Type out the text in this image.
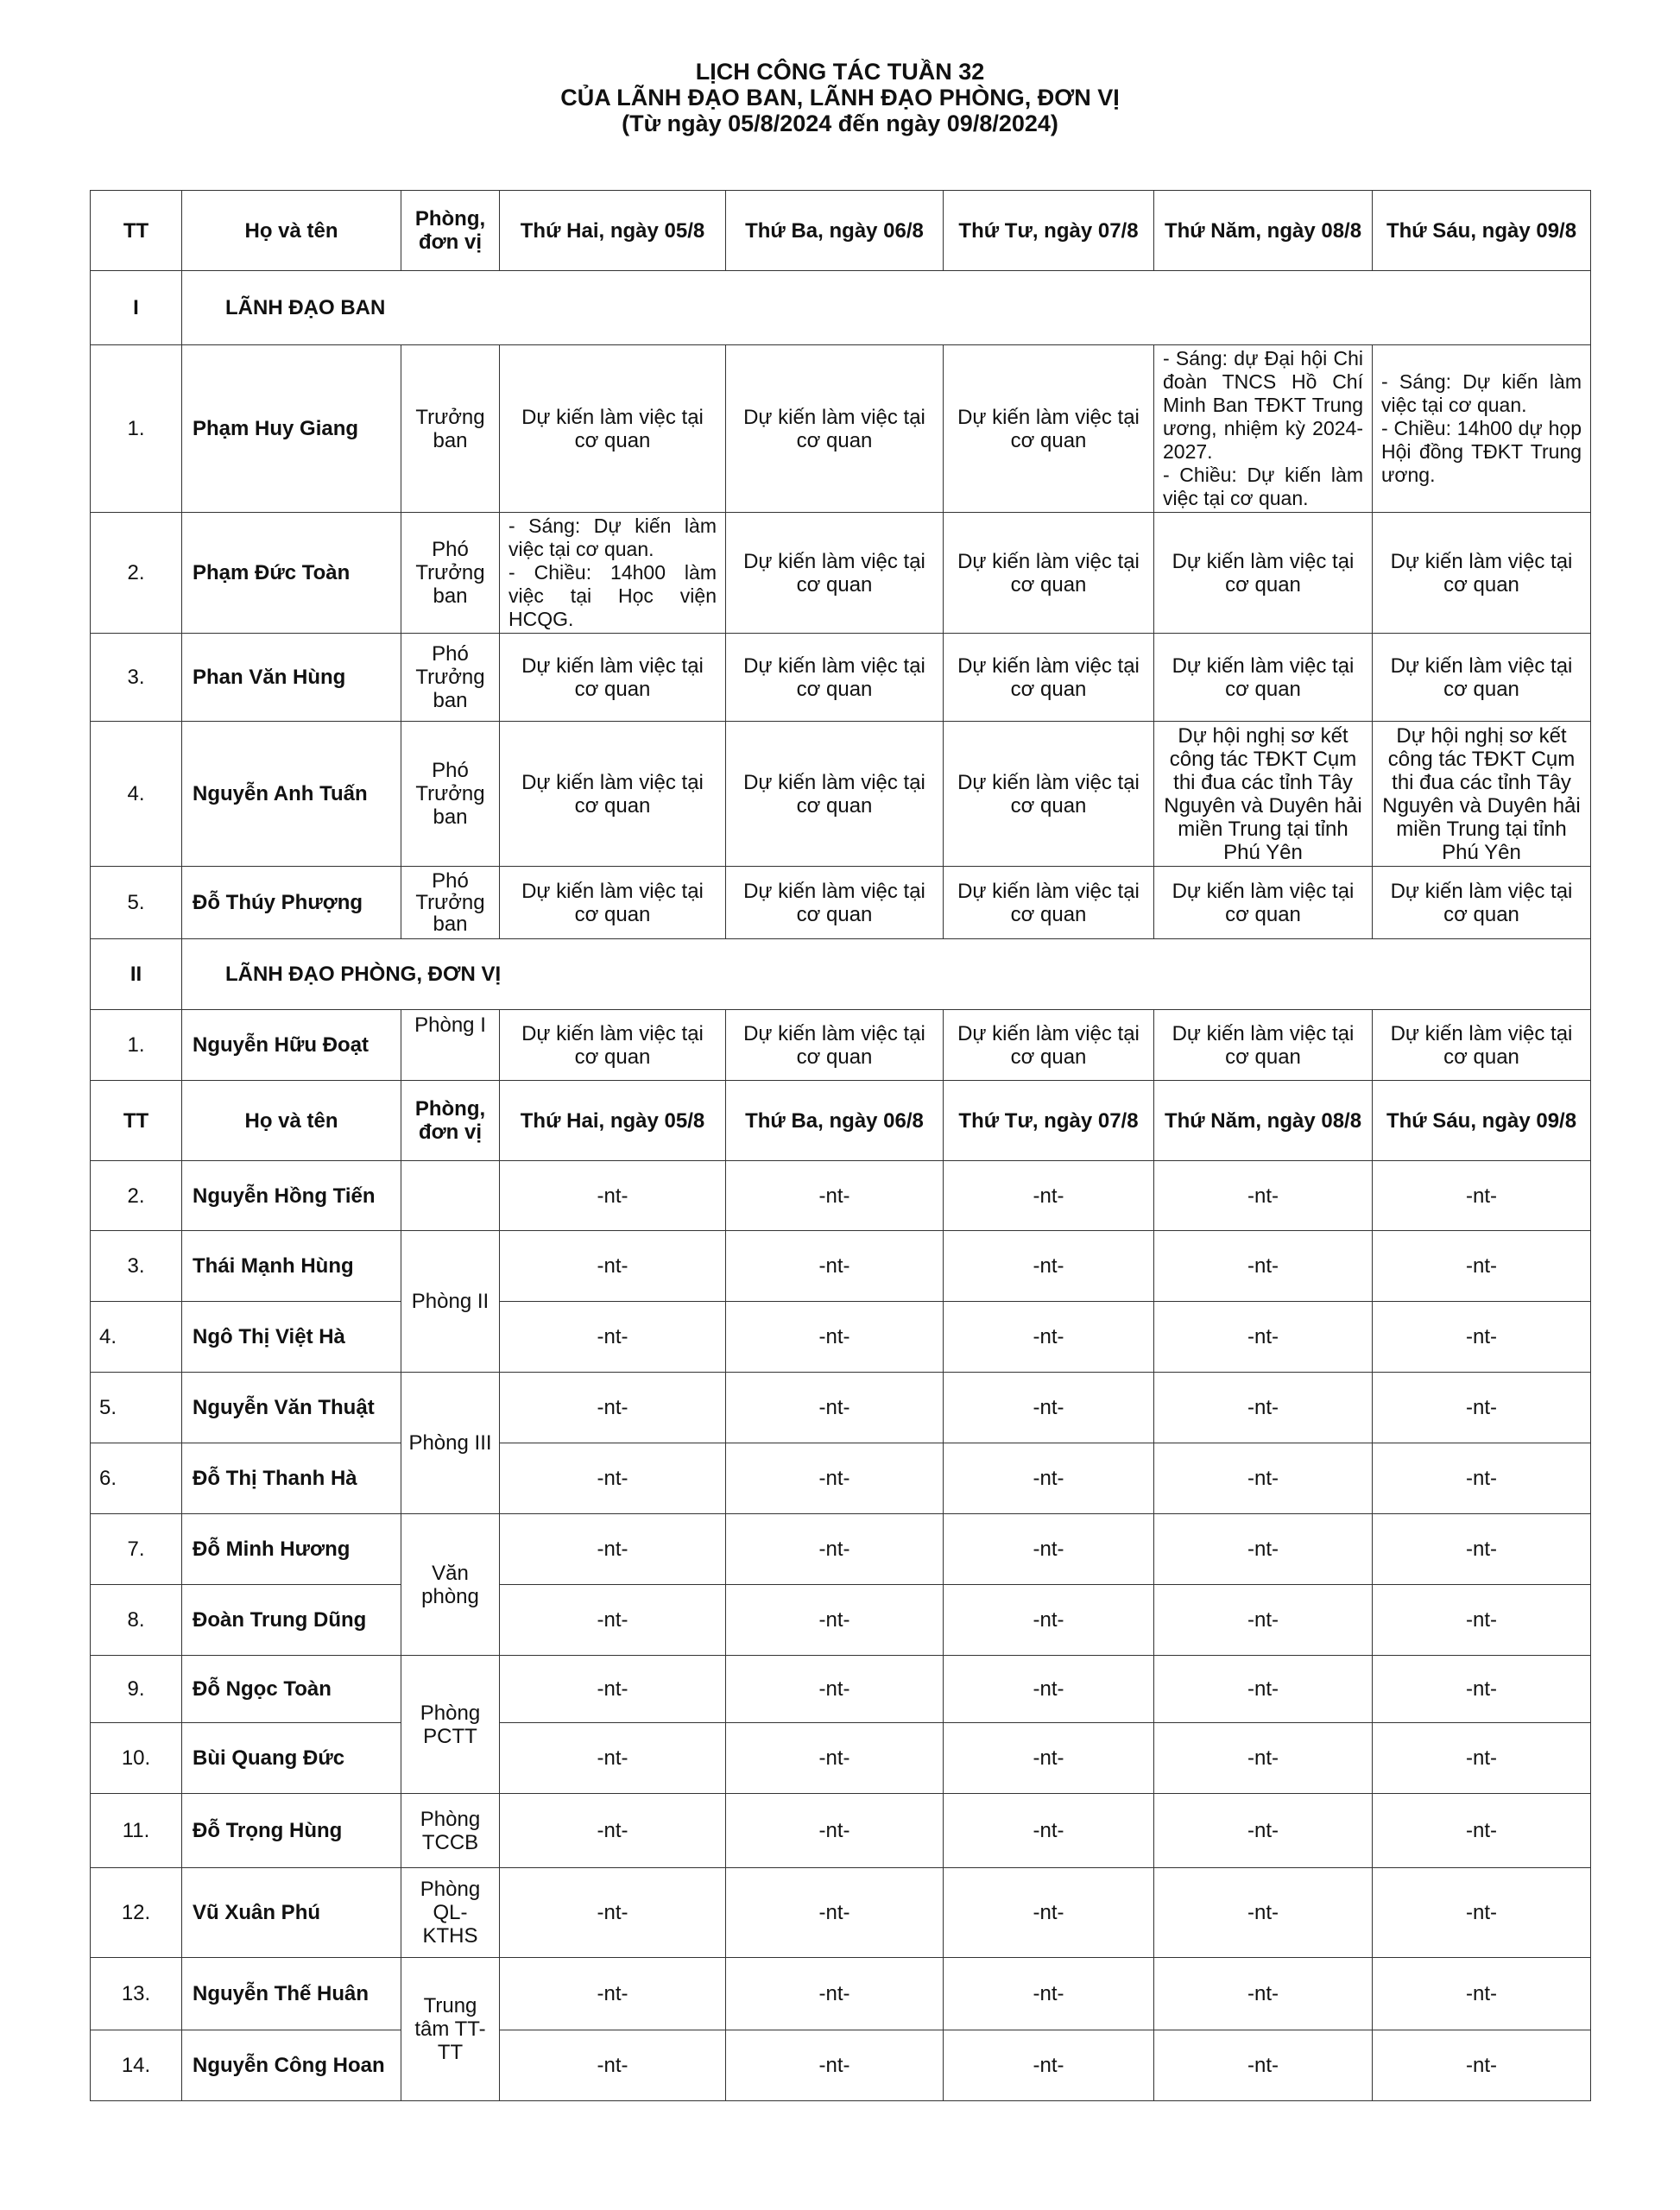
LỊCH CÔNG TÁC TUẦN 32
CỦA LÃNH ĐẠO BAN, LÃNH ĐẠO PHÒNG, ĐƠN VỊ
(Từ ngày 05/8/2024 đến ngày 09/8/2024)
TT	Họ và tên	Phòng, đơn vị	Thứ Hai, ngày 05/8	Thứ Ba, ngày 06/8	Thứ Tư, ngày 07/8	Thứ Năm, ngày 08/8	Thứ Sáu, ngày 09/8
I	LÃNH ĐẠO BAN						
1.	Phạm Huy Giang	Trưởng ban	Dự kiến làm việc tại cơ quan	Dự kiến làm việc tại cơ quan	Dự kiến làm việc tại cơ quan	- Sáng: dự Đại hội Chi đoàn TNCS Hồ Chí Minh Ban TĐKT Trung ương, nhiệm kỳ 2024-2027.
- Chiều: Dự kiến làm việc tại cơ quan.	- Sáng: Dự kiến làm việc tại cơ quan.
- Chiều: 14h00 dự họp Hội đồng TĐKT Trung ương.
2.	Phạm Đức Toàn	Phó Trưởng ban	- Sáng: Dự kiến làm việc tại cơ quan.
- Chiều: 14h00 làm việc tại Học viện HCQG.	Dự kiến làm việc tại cơ quan	Dự kiến làm việc tại cơ quan	Dự kiến làm việc tại cơ quan	Dự kiến làm việc tại cơ quan
3.	Phan Văn Hùng	Phó Trưởng ban	Dự kiến làm việc tại cơ quan	Dự kiến làm việc tại cơ quan	Dự kiến làm việc tại cơ quan	Dự kiến làm việc tại cơ quan	Dự kiến làm việc tại cơ quan
4.	Nguyễn Anh Tuấn	Phó Trưởng ban	Dự kiến làm việc tại cơ quan	Dự kiến làm việc tại cơ quan	Dự kiến làm việc tại cơ quan	Dự hội nghị sơ kết công tác TĐKT Cụm thi đua các tỉnh Tây Nguyên và Duyên hải miền Trung tại tỉnh Phú Yên	Dự hội nghị sơ kết công tác TĐKT Cụm thi đua các tỉnh Tây Nguyên và Duyên hải miền Trung tại tỉnh Phú Yên
5.	Đỗ Thúy Phượng	Phó Trưởng ban	Dự kiến làm việc tại cơ quan	Dự kiến làm việc tại cơ quan	Dự kiến làm việc tại cơ quan	Dự kiến làm việc tại cơ quan	Dự kiến làm việc tại cơ quan
II	LÃNH ĐẠO PHÒNG, ĐƠN VỊ						
1.	Nguyễn Hữu Đoạt	Phòng I	Dự kiến làm việc tại cơ quan	Dự kiến làm việc tại cơ quan	Dự kiến làm việc tại cơ quan	Dự kiến làm việc tại cơ quan	Dự kiến làm việc tại cơ quan
TT	Họ và tên	Phòng, đơn vị	Thứ Hai, ngày 05/8	Thứ Ba, ngày 06/8	Thứ Tư, ngày 07/8	Thứ Năm, ngày 08/8	Thứ Sáu, ngày 09/8
2.	Nguyễn Hồng Tiến		-nt-	-nt-	-nt-	-nt-	-nt-
3.	Thái Mạnh Hùng	Phòng II	-nt-	-nt-	-nt-	-nt-	-nt-
4.	Ngô Thị Việt Hà		-nt-	-nt-	-nt-	-nt-	-nt-
5.	Nguyễn Văn Thuật	Phòng III	-nt-	-nt-	-nt-	-nt-	-nt-
6.	Đỗ Thị Thanh Hà		-nt-	-nt-	-nt-	-nt-	-nt-
7.	Đỗ Minh Hương	Văn phòng	-nt-	-nt-	-nt-	-nt-	-nt-
8.	Đoàn Trung Dũng		-nt-	-nt-	-nt-	-nt-	-nt-
9.	Đỗ Ngọc Toàn	Phòng PCTT	-nt-	-nt-	-nt-	-nt-	-nt-
10.	Bùi Quang Đức		-nt-	-nt-	-nt-	-nt-	-nt-
11.	Đỗ Trọng Hùng	Phòng TCCB	-nt-	-nt-	-nt-	-nt-	-nt-
12.	Vũ Xuân Phú	Phòng QL-KTHS	-nt-	-nt-	-nt-	-nt-	-nt-
13.	Nguyễn Thế Huân	Trung tâm TT-TT	-nt-	-nt-	-nt-	-nt-	-nt-
14.	Nguyễn Công Hoan		-nt-	-nt-	-nt-	-nt-	-nt-
